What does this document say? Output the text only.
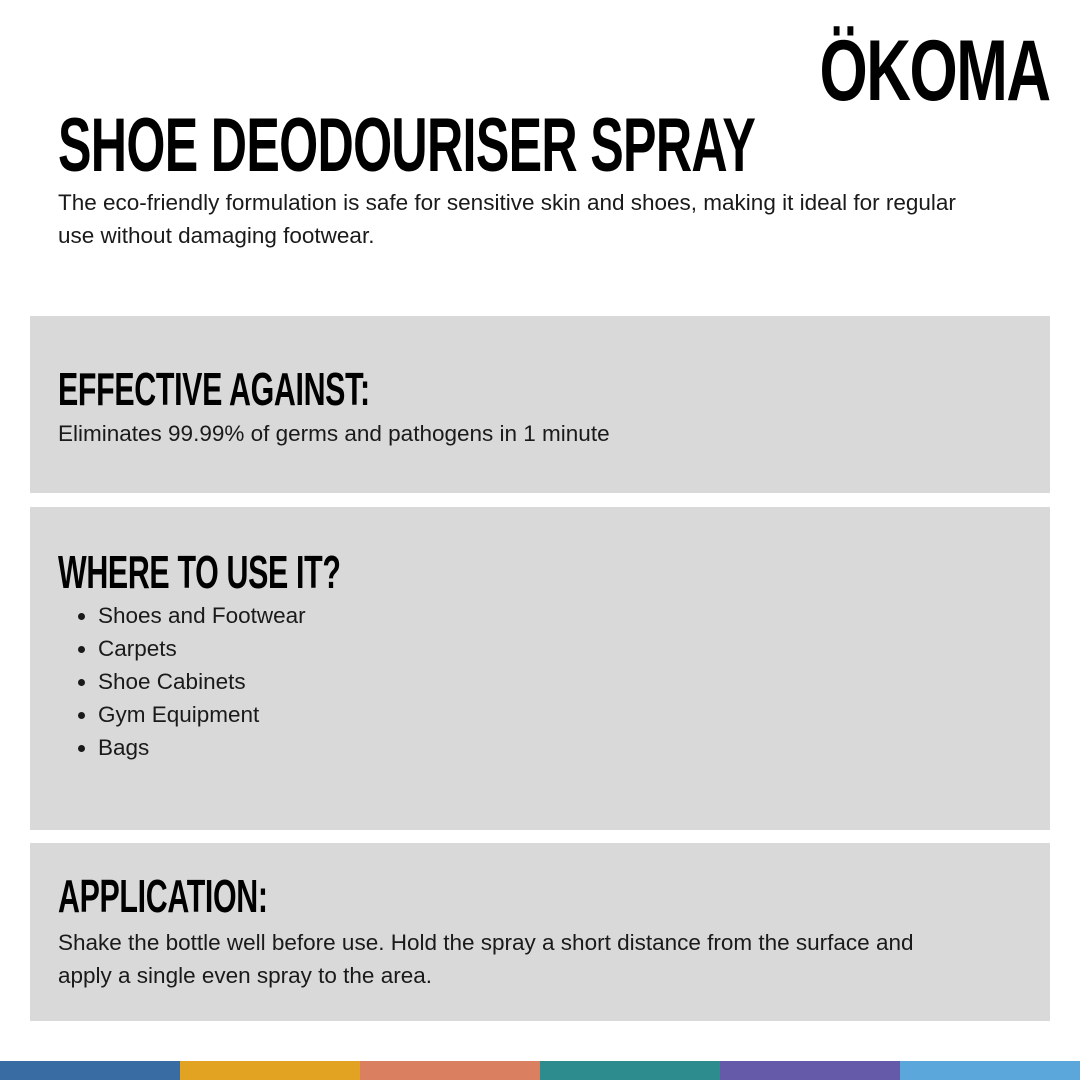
ÖKOMA
SHOE DEODOURISER SPRAY

The eco-friendly formulation is safe for sensitive skin and shoes, making it ideal for regular use without damaging footwear.

EFFECTIVE AGAINST:

Eliminates 99.99% of germs and pathogens in 1 minute

WHERE TO USE IT?
• Shoes and Footwear
• Carpets
• Shoe Cabinets
• Gym Equipment
• Bags
APPLICATION:

Shake the bottle well before use. Hold the spray a short distance from the surface and apply a single even spray to the area.
